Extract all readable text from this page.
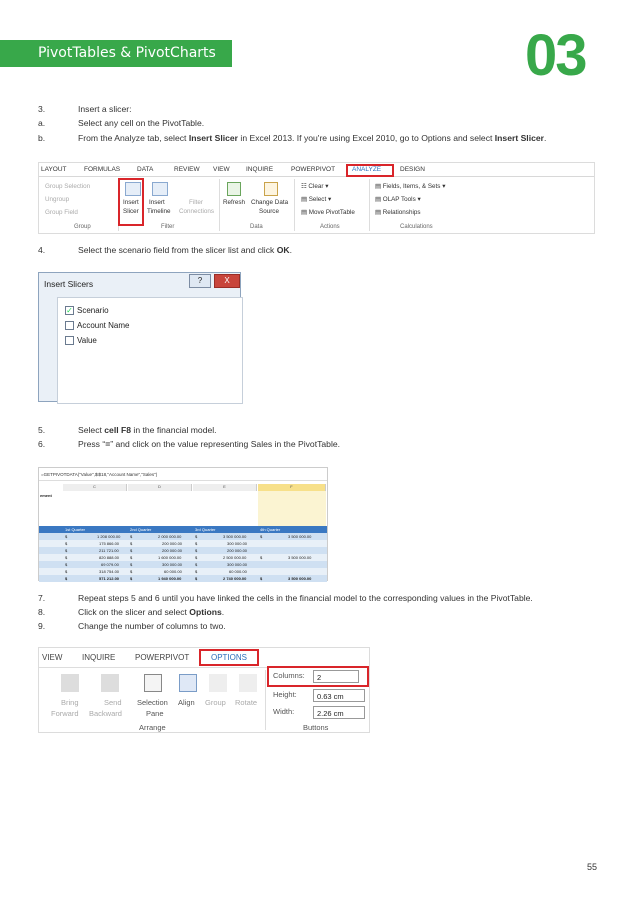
PivotTables & PivotCharts	03
3.	Insert a slicer:
a.	Select any cell on the PivotTable.
b.	From the Analyze tab, select Insert Slicer in Excel 2013. If you're using Excel 2010, go to Options and select Insert Slicer.
LAYOUT	FORMULAS	DATA	REVIEW VIEW	INQUIRE	POWERPIVOT	ANALYZE	DESIGN
Group Selection
Ungroup
Group Field
Group
Insert
Slicer
Insert
Timeline
Filter
Connections
Filter
Refresh Change Data
Source
Data
☷ Clear ▾
▤ Select ▾
▤ Move PivotTable
Actions
▤ Fields, Items, & Sets ▾
▤ OLAP Tools ▾
▤ Relationships
Calculations
4.	Select the scenario field from the slicer list and click OK.
Insert Slicers	?	X
✓ Scenario
Account Name
Value
5.	Select cell F8 in the financial model.
6.	Press “=” and click on the value representing Sales in the PivotTable.
=GETPIVOTDATA("Value",$I$18,"Account Name","Sales")
C	D	E	F
ement
1st Quarter	2nd Quarter	3rd Quarter	4th Quarter
$	1 208 000.00 $	2 000 000.00	$	3 500 000.00	$	3 500 000.00
$	175 866.00	$	200 000.00	$	300 000.00
$	211 721.00	$	200 000.00	$	200 000.00
$	820 888.00	$	1 600 000.00	$	2 500 000.00	$	3 500 000.00
$	69 079.00	$	300 000.00	$	300 000.00
$	318 754.00	$	60 000.00	$	60 000.00
$	571 212.00	$	1 940 000.00	$	2 740 000.00	$	3 500 000.00
7.	Repeat steps 5 and 6 until you have linked the cells in the financial model to the corresponding values in the PivotTable.
8.	Click on the slicer and select Options.
9.	Change the number of columns to two.
VIEW INQUIRE POWERPIVOT	OPTIONS
Bring
Forward
Send
Backward
Selection
Pane
Align Group Rotate
Arrange
Columns:	2
Height:	0.63 cm
Width:	2.26 cm
Buttons
55
